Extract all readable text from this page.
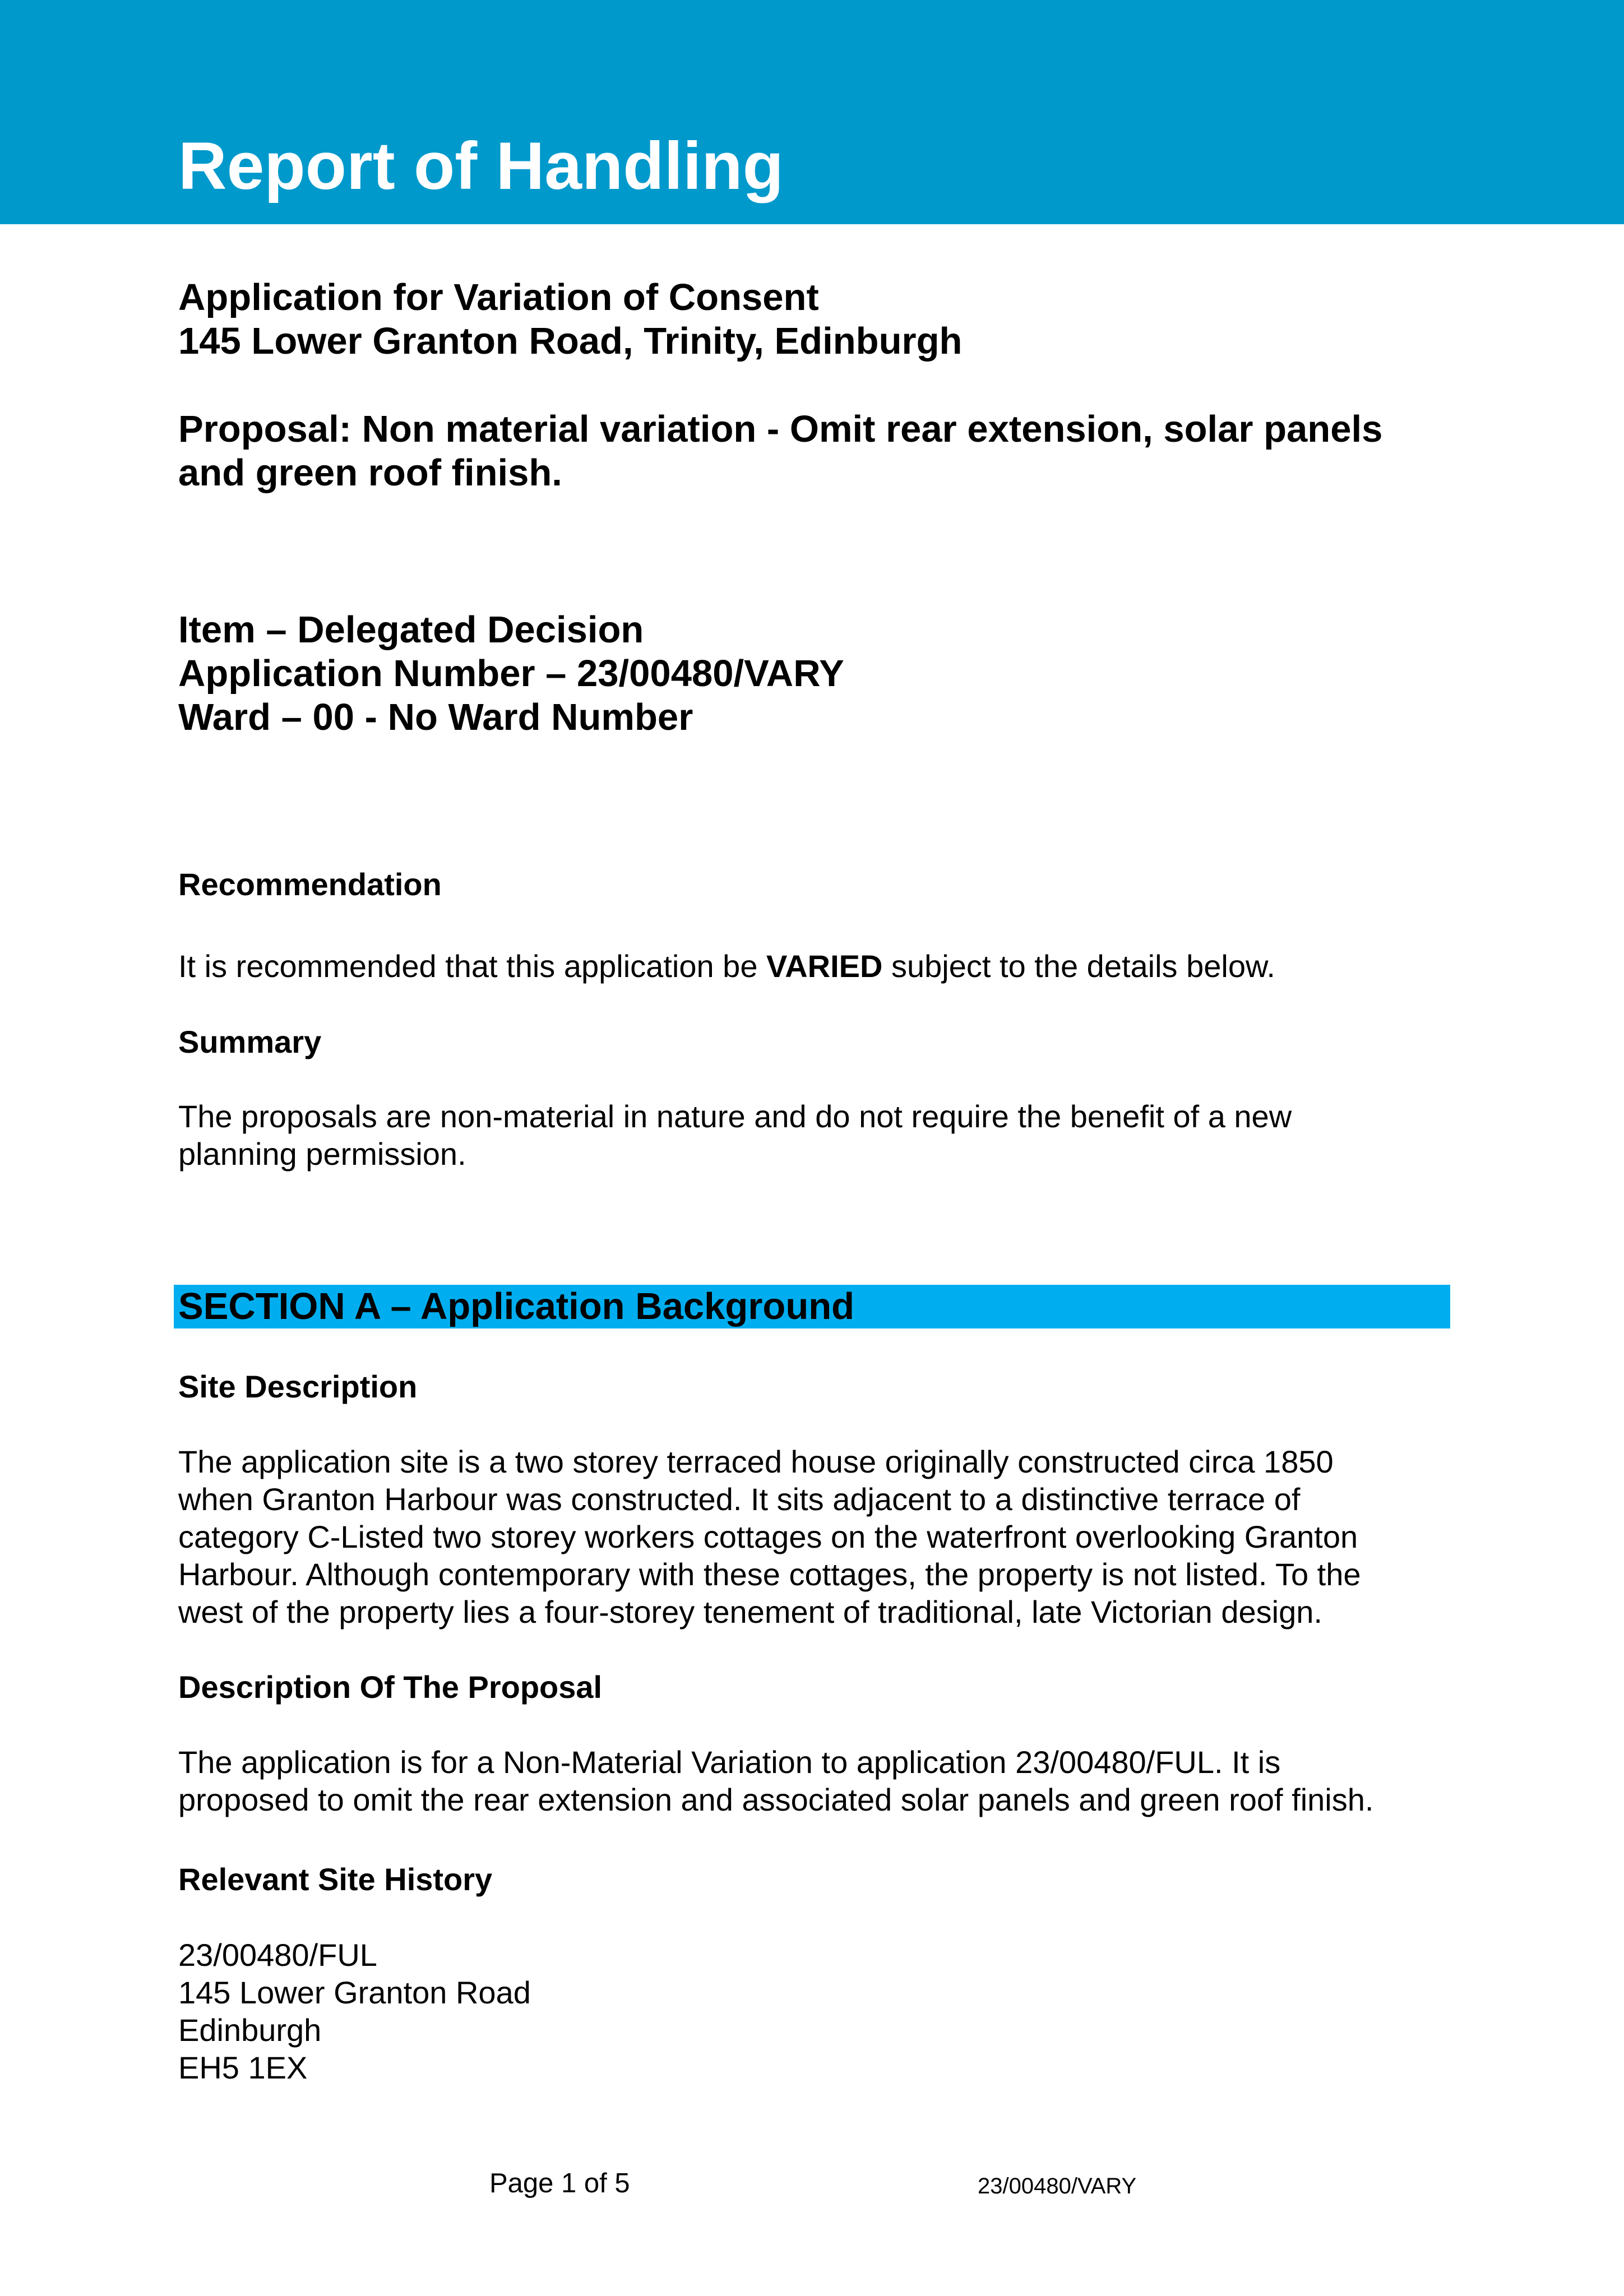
Report of Handling
Application for Variation of Consent
145 Lower Granton Road, Trinity, Edinburgh
Proposal: Non material variation - Omit rear extension, solar panels
and green roof finish.
Item – Delegated Decision
Application Number – 23/00480/VARY
Ward – 00 - No Ward Number
Recommendation
It is recommended that this application be VARIED subject to the details below.
Summary
The proposals are non-material in nature and do not require the benefit of a new
planning permission.
SECTION A – Application Background
Site Description
The application site is a two storey terraced house originally constructed circa 1850
when Granton Harbour was constructed. It sits adjacent to a distinctive terrace of
category C-Listed two storey workers cottages on the waterfront overlooking Granton
Harbour. Although contemporary with these cottages, the property is not listed. To the
west of the property lies a four-storey tenement of traditional, late Victorian design.
Description Of The Proposal
The application is for a Non-Material Variation to application 23/00480/FUL. It is
proposed to omit the rear extension and associated solar panels and green roof finish.
Relevant Site History
23/00480/FUL
145 Lower Granton Road
Edinburgh
EH5 1EX
Page 1 of 5	23/00480/VARY
